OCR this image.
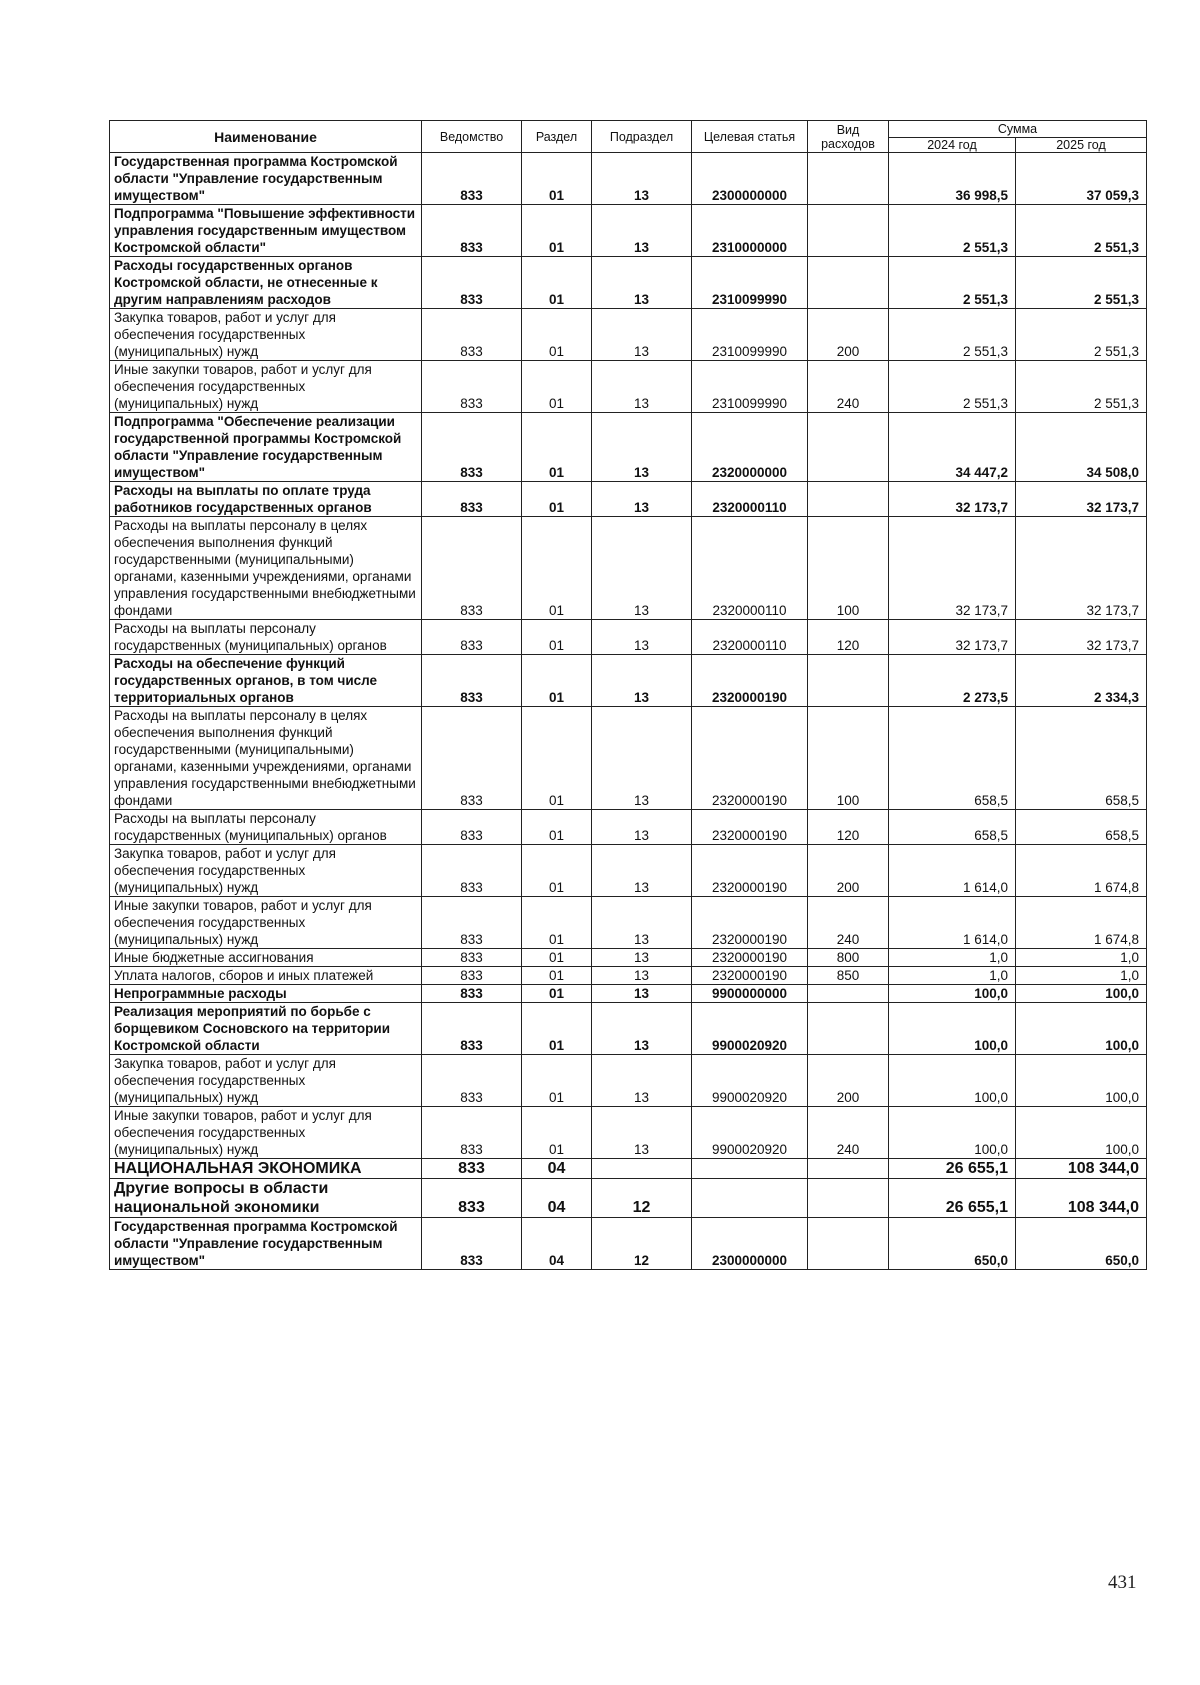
Наименование	Ведомство	Раздел	Подраздел	Целевая статья	Вид расходов	Сумма	
						2024 год	2025 год
Государственная программа Костромской области "Управление государственным имуществом"	833	01	13	2300000000		36 998,5	37 059,3
Подпрограмма "Повышение эффективности управления государственным имуществом Костромской области"	833	01	13	2310000000		2 551,3	2 551,3
Расходы государственных органов Костромской области, не отнесенные к другим направлениям расходов	833	01	13	2310099990		2 551,3	2 551,3
Закупка товаров, работ и услуг для обеспечения государственных (муниципальных) нужд	833	01	13	2310099990	200	2 551,3	2 551,3
Иные закупки товаров, работ и услуг для обеспечения государственных (муниципальных) нужд	833	01	13	2310099990	240	2 551,3	2 551,3
Подпрограмма "Обеспечение реализации государственной программы Костромской области "Управление государственным имуществом"	833	01	13	2320000000		34 447,2	34 508,0
Расходы на выплаты по оплате труда работников государственных органов	833	01	13	2320000110		32 173,7	32 173,7
Расходы на выплаты персоналу в целях обеспечения выполнения функций государственными (муниципальными) органами, казенными учреждениями, органами управления государственными внебюджетными фондами	833	01	13	2320000110	100	32 173,7	32 173,7
Расходы на выплаты персоналу государственных (муниципальных) органов	833	01	13	2320000110	120	32 173,7	32 173,7
Расходы на обеспечение функций государственных органов, в том числе территориальных органов	833	01	13	2320000190		2 273,5	2 334,3
Расходы на выплаты персоналу в целях обеспечения выполнения функций государственными (муниципальными) органами, казенными учреждениями, органами управления государственными внебюджетными фондами	833	01	13	2320000190	100	658,5	658,5
Расходы на выплаты персоналу государственных (муниципальных) органов	833	01	13	2320000190	120	658,5	658,5
Закупка товаров, работ и услуг для обеспечения государственных (муниципальных) нужд	833	01	13	2320000190	200	1 614,0	1 674,8
Иные закупки товаров, работ и услуг для обеспечения государственных (муниципальных) нужд	833	01	13	2320000190	240	1 614,0	1 674,8
Иные бюджетные ассигнования	833	01	13	2320000190	800	1,0	1,0
Уплата налогов, сборов и иных платежей	833	01	13	2320000190	850	1,0	1,0
Непрограммные расходы	833	01	13	9900000000		100,0	100,0
Реализация мероприятий по борьбе с борщевиком Сосновского на территории Костромской области	833	01	13	9900020920		100,0	100,0
Закупка товаров, работ и услуг для обеспечения государственных (муниципальных) нужд	833	01	13	9900020920	200	100,0	100,0
Иные закупки товаров, работ и услуг для обеспечения государственных (муниципальных) нужд	833	01	13	9900020920	240	100,0	100,0
НАЦИОНАЛЬНАЯ ЭКОНОМИКА	833	04				26 655,1	108 344,0
Другие вопросы в области национальной экономики	833	04	12			26 655,1	108 344,0
Государственная программа Костромской области "Управление государственным имуществом"	833	04	12	2300000000		650,0	650,0
431
